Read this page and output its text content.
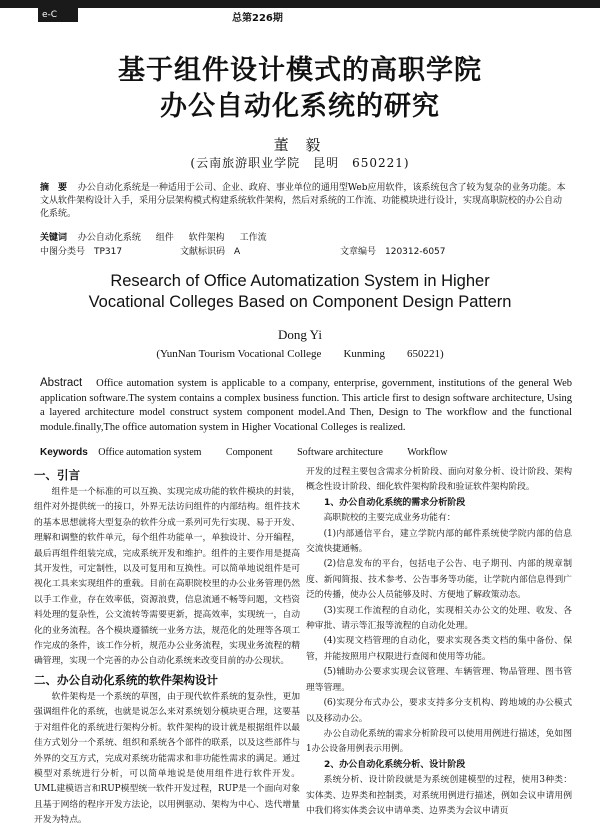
e-C	总第226期
基于组件设计模式的高职学院
办公自动化系统的研究
董 毅
(云南旅游职业学院　昆明　650221)
摘　要 办公自动化系统是一种适用于公司、企业、政府、事业单位的通用型Web应用软件，该系统包含了较为复杂的业务功能。本文从软件架构设计入手，采用分层架构模式构建系统软件架构，然后对系统的工作流、功能模块进行设计，实现高职院校的办公自动化系统。
关键词 办公自动化系统 组件 软件架构 工作流
中图分类号　TP317	文献标识码　A	文章编号　120312-6057
Research of Office Automatization System in Higher
Vocational Colleges Based on Component Design Pattern
Dong Yi
(YunNan Tourism Vocational College　　Kunming　　650221)
Abstract Office automation system is applicable to a company, enterprise, government, institutions of the general Web application software.The system contains a complex business function. This article first to design software architecture, Using a layered architecture model construct system component model.And Then, Design to The workflow and the functional module.finally,The office automation system in Higher Vocational Colleges is realized.
Keywords Office automation system Component Software architecture Workflow
一、引言
组件是一个标准的可以互换、实现完成功能的软件模块的封装，组件对外提供统一的接口，外界无法访问组件的内部结构。组件技术的基本思想就将大型复杂的软件分成一系列可先行实现、易于开发、理解和调整的软件单元，每个组件功能单一，单独设计、分开编程，最后再组件组装完成，完成系统开发和维护。组件的主要作用是提高其开发性，可定制性，以及可复用和互换性。可以简单地说组件是可视化工具来实现组件的重载。目前在高职院校里的办公业务管理仍然以手工作业，存在效率低，资源浪费，信息流通不畅等问题，文档资料处理的复杂性，公文流转等需要更新，提高效率，实现统一，自动化的业务流程。各个模块遵循统一业务方法，规范化的处理等各项工作完成的条件，该工作分析，规范办公业务流程，实现业务流程的精确管理，实现一个完善的办公自动化系统来改变目前的办公现状。
二、办公自动化系统的软件架构设计
软件架构是一个系统的草图，由于现代软件系统的复杂性，更加强调组件化的系统，也就是说怎么来对系统划分模块更合理，这要基于对组件化的系统进行架构分析。软件架构的设计就是根据组件以最佳方式划分一个系统、组织和系统各个部件的联系，以及这些部件与外界的交互方式，完成对系统功能需求和非功能性需求的满足。通过模型对系统进行分析，可以简单地说是使用组件进行软件开发。UML建模语言和RUP模型统一软件开发过程，RUP是一个面向对象且基于网络的程序开发方法论，以用例驱动、架构为中心、迭代增量开发为特点。
开发的过程主要包含需求分析阶段、面向对象分析、设计阶段、架构概念性设计阶段、细化软件架构阶段和验证软件架构阶段。
1、办公自动化系统的需求分析阶段
高职院校的主要完成业务功能有：
(1)内部通信平台，建立学院内部的邮件系统使学院内部的信息交流快捷通畅。
(2)信息发布的平台，包括电子公告、电子期刊、内部的规章制度、新闻简报、技术参考、公告事务等功能，让学院内部信息得到广泛的传播，使办公人员能够及时、方便地了解政策动态。
(3)实现工作流程的自动化，实现相关办公文的处理、收发、各种审批、请示等汇报等流程的自动化处理。
(4)实现文档管理的自动化，要求实现各类文档的集中备份、保管，并能按照用户权限进行查阅和使用等功能。
(5)辅助办公要求实现会议管理、车辆管理、物品管理、图书管理等管理。
(6)实现分布式办公，要求支持多分支机构、跨地域的办公模式以及移动办公。
办公自动化系统的需求分析阶段可以使用用例进行描述，免如图1办公设备用例表示用例。
2、办公自动化系统分析、设计阶段
系统分析、设计阶段就是为系统创建模型的过程，使用3种类：实体类、边界类和控制类，对系统用例进行描述，例如会议申请用例中我们将实体类会议申请单类、边界类为会议申请页
